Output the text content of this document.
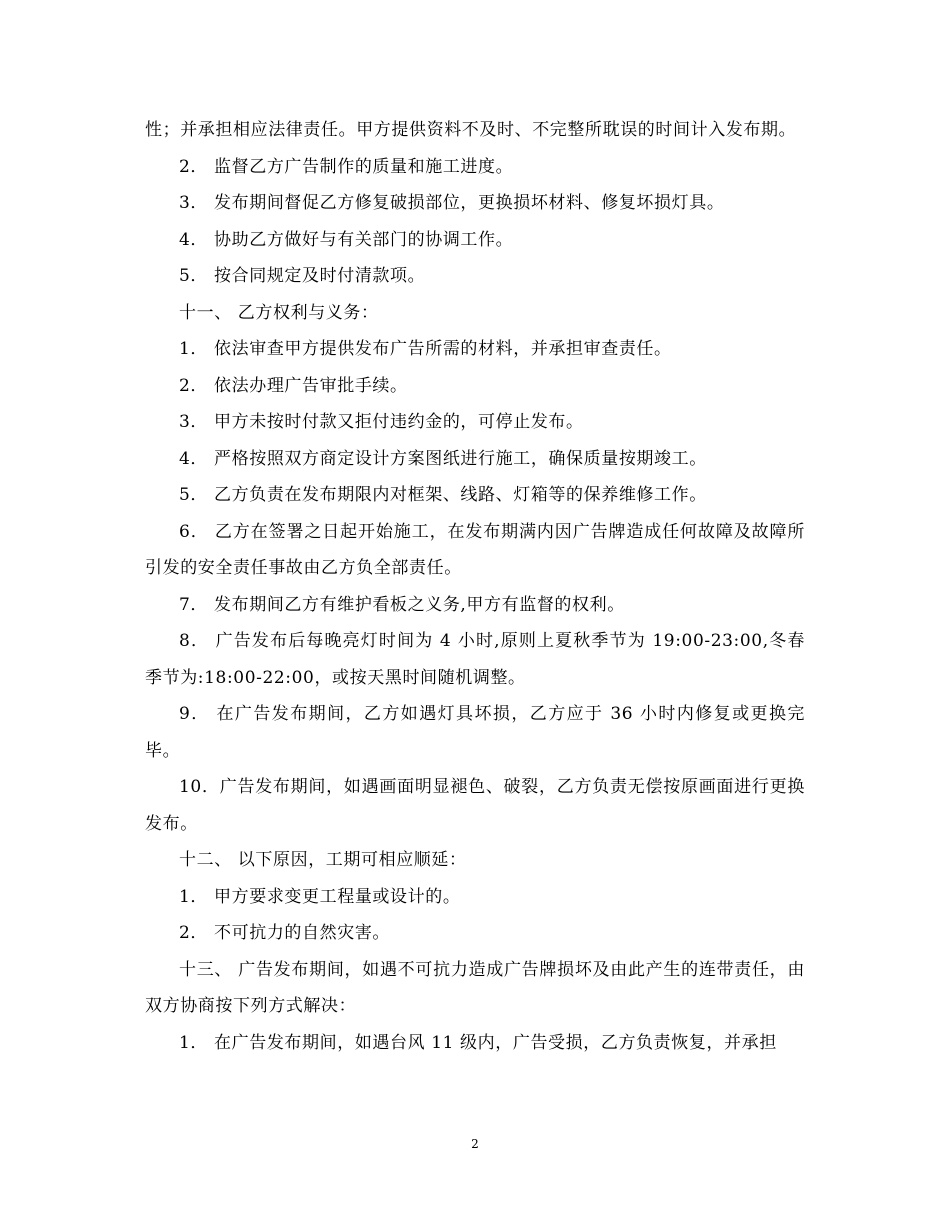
性；并承担相应法律责任。甲方提供资料不及时、不完整所耽误的时间计入发布期。

2． 监督乙方广告制作的质量和施工进度。

3． 发布期间督促乙方修复破损部位，更换损坏材料、修复坏损灯具。

4． 协助乙方做好与有关部门的协调工作。

5． 按合同规定及时付清款项。

十一、 乙方权利与义务：

1． 依法审查甲方提供发布广告所需的材料，并承担审查责任。

2． 依法办理广告审批手续。

3． 甲方未按时付款又拒付违约金的，可停止发布。

4． 严格按照双方商定设计方案图纸进行施工，确保质量按期竣工。

5． 乙方负责在发布期限内对框架、线路、灯箱等的保养维修工作。

6． 乙方在签署之日起开始施工，在发布期满内因广告牌造成任何故障及故障所引发的安全责任事故由乙方负全部责任。

7． 发布期间乙方有维护看板之义务,甲方有监督的权利。

8． 广告发布后每晚亮灯时间为 4 小时,原则上夏秋季节为 19:00-23:00,冬春季节为:18:00-22:00，或按天黑时间随机调整。

9． 在广告发布期间，乙方如遇灯具坏损，乙方应于 36 小时内修复或更换完毕。

10．广告发布期间，如遇画面明显褪色、破裂，乙方负责无偿按原画面进行更换发布。

十二、 以下原因，工期可相应顺延：

1． 甲方要求变更工程量或设计的。

2． 不可抗力的自然灾害。

十三、 广告发布期间，如遇不可抗力造成广告牌损坏及由此产生的连带责任，由双方协商按下列方式解决：

1． 在广告发布期间，如遇台风 11 级内，广告受损，乙方负责恢复，并承担

2
